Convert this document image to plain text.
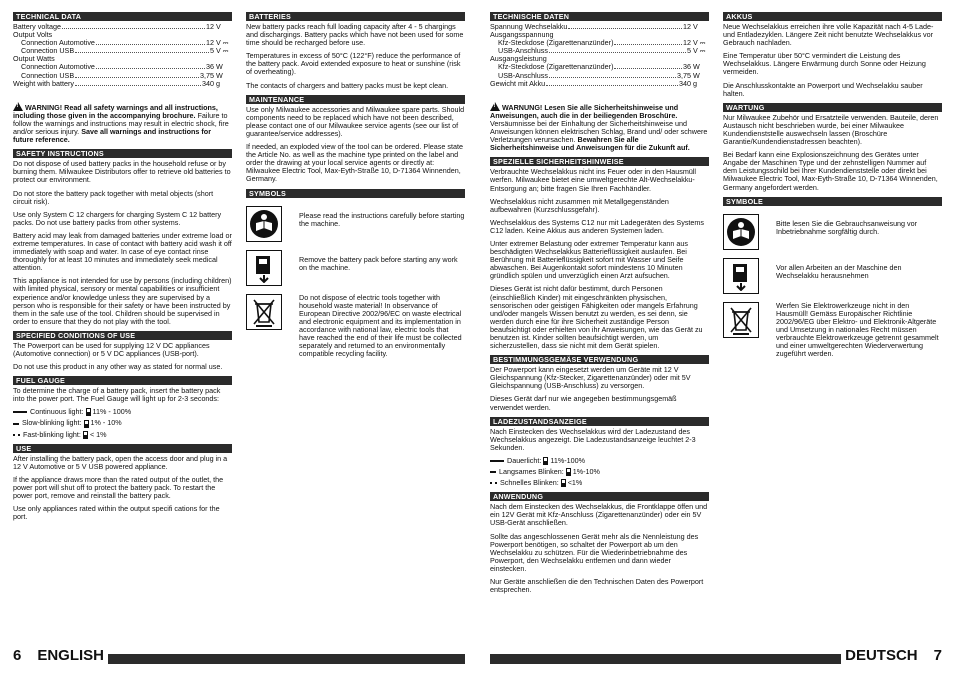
TECHNICAL DATA
Battery voltage	12 V
Output Volts
Connection Automotive	12 V ⎓
Connection USB	5 V ⎓
Output Watts
Connection Automotive	36 W
Connection USB	3,75 W
Weight with battery	340 g

!WARNING! Read all safety warnings and all instructions, including those given in the accompanying brochure. Failure to follow the warnings and instructions may result in electric shock, fire and/or serious injury. Save all warnings and instructions for future reference.

SAFETY INSTRUCTIONS

Do not dispose of used battery packs in the household refuse or by burning them. Milwaukee Distributors offer to retrieve old batteries to protect our environment.

Do not store the battery pack together with metal objects (short circuit risk).

Use only System C 12 chargers for charging System C 12 battery packs. Do not use battery packs from other systems.

Battery acid may leak from damaged batteries under extreme load or extreme temperatures. In case of contact with battery acid wash it off immediately with soap and water. In case of eye contact rinse thoroughly for at least 10 minutes and immediately seek medical attention.

This appliance is not intended for use by persons (including children) with limited physical, sensory or mental capabilities or insufficient experience and/or knowledge unless they are supervised by a person who is responsible for their safety or have been instructed by them in the safe use of the tool. Children should be supervised in order to ensure that they do not play with the tool.

SPECIFIED CONDITIONS OF USE

The Powerport can be used for supplying 12 V DC appliances (Automotive connection) or 5 V DC appliances (USB-port).

Do not use this product in any other way as stated for normal use.

FUEL GAUGE

To determine the charge of a battery pack, insert the battery pack into the power port. The Fuel Gauge will light up for 2-3 seconds:

Continuous light: 11% - 100%
Slow-blinking light: 1% - 10%
Fast-blinking light: < 1%
USE

After installing the battery pack, open the access door and plug in a 12 V Automotive or 5 V USB powered appliance.

If the appliance draws more than the rated output of the outlet, the power port will shut off to protect the battery pack. To restart the power port, remove and reinstall the battery pack.

Use only appliances rated within the output specifi cations for the port.

BATTERIES

New battery packs reach full loading capacity after 4 - 5 chargings and dischargings. Battery packs which have not been used for some time should be recharged before use.

Temperatures in excess of 50°C (122°F) reduce the performance of the battery pack. Avoid extended exposure to heat or sunshine (risk of overheating).

The contacts of chargers and battery packs must be kept clean.

MAINTENANCE

Use only Milwaukee accessories and Milwaukee spare parts. Should components need to be replaced which have not been described, please contact one of our Milwaukee service agents (see our list of guarantee/service addresses).

If needed, an exploded view of the tool can be ordered. Please state the Article No. as well as the machine type printed on the label and order the drawing at your local service agents or directly at: Milwaukee Electric Tool, Max-Eyth-Straße 10, D-71364 Winnenden, Germany.

SYMBOLS
Please read the instructions carefully before starting the machine.
Remove the battery pack before starting any work on the machine.
Do not dispose of electric tools together with household waste material! In observance of European Directive 2002/96/EC on waste electrical and electronic equipment and its implementation in accordance with national law, electric tools that have reached the end of their life must be collected separately and returned to an environmentally compatible recycling facility.
TECHNISCHE DATEN
Spannung Wechselakku	12 V
Ausgangsspannung
Kfz-Steckdose (Zigarettenanzünder)	12 V ⎓
USB-Anschluss	5 V ⎓
Ausgangsleistung
Kfz-Steckdose (Zigarettenanzünder)	36 W
USB-Anschluss	3,75 W
Gewicht mit Akku	340 g

!WARNUNG! Lesen Sie alle Sicherheitshinweise und Anweisungen, auch die in der beiliegenden Broschüre. Versäumnisse bei der Einhaltung der Sicherheitshinweise und Anweisungen können elektrischen Schlag, Brand und/ oder schwere Verletzungen verursachen. Bewahren Sie alle Sicherheitshinweise und Anweisungen für die Zukunft auf.

SPEZIELLE SICHERHEITSHINWEISE

Verbrauchte Wechselakkus nicht ins Feuer oder in den Hausmüll werfen. Milwaukee bietet eine umweltgerechte Alt-Wechselakku-Entsorgung an; bitte fragen Sie Ihren Fachhändler.

Wechselakkus nicht zusammen mit Metallgegenständen aufbewahren (Kurzschlussgefahr).

Wechselakkus des Systems C12 nur mit Ladegeräten des Systems C12 laden. Keine Akkus aus anderen Systemen laden.

Unter extremer Belastung oder extremer Temperatur kann aus beschädigten Wechselakkus Batterieflüssigkeit auslaufen. Bei Berührung mit Batterieflüssigkeit sofort mit Wasser und Seife abwaschen. Bei Augenkontakt sofort mindestens 10 Minuten gründlich spülen und unverzüglich einen Arzt aufsuchen.

Dieses Gerät ist nicht dafür bestimmt, durch Personen (einschließlich Kinder) mit eingeschränkten physischen, sensorischen oder geistigen Fähigkeiten oder mangels Erfahrung und/oder mangels Wissen benutzt zu werden, es sei denn, sie werden durch eine für ihre Sicherheit zuständige Person beaufsichtigt oder erhielten von ihr Anweisungen, wie das Gerät zu benutzen ist. Kinder sollten beaufsichtigt werden, um sicherzustellen, dass sie nicht mit dem Gerät spielen.

BESTIMMUNGSGEMÄSE VERWENDUNG

Der Powerport kann eingesetzt werden um Geräte mit 12 V Gleichspannung (Kfz-Stecker, Zigarettenanzünder) oder mit 5V Gleichspannung (USB-Anschluss) zu versorgen.

Dieses Gerät darf nur wie angegeben bestimmungsgemäß verwendet werden.

LADEZUSTANDSANZEIGE

Nach Einstecken des Wechselakkus wird der Ladezustand des Wechselakkus angezeigt. Die Ladezustandsanzeige leuchtet 2-3 Sekunden.

Dauerlicht: 11%-100%
Langsames Blinken: 1%-10%
Schnelles Blinken: <1%
ANWENDUNG

Nach dem Einstecken des Wechselakkus, die Frontklappe öffen und ein 12V Gerät mit Kfz-Anschluss (Zigarettenanzünder) oder ein 5V USB-Gerät anschließen.

Sollte das angeschlossenen Gerät mehr als die Nennleistung des Powerport benötigen, so schaltet der Powerport ab um den Wechselakku zu schützen. Für die Wiederinbetriebnahme des Powerport, den Wechselakku entfernen und dann wieder einstecken.

Nur Geräte anschließen die den Technischen Daten des Powerport entsprechen.

AKKUS

Neue Wechselakkus erreichen ihre volle Kapazität nach 4-5 Lade-und Entladezyklen. Längere Zeit nicht benutzte Wechselakkus vor Gebrauch nachladen.

Eine Temperatur über 50°C vermindert die Leistung des Wechselakkus. Längere Erwärmung durch Sonne oder Heizung vermeiden.

Die Anschlusskontakte an Powerport und Wechselakku sauber halten.

WARTUNG

Nur Milwaukee Zubehör und Ersatzteile verwenden. Bauteile, deren Austausch nicht beschrieben wurde, bei einer Milwaukee Kundendienststelle auswechseln lassen (Broschüre Garantie/Kundendienstadressen beachten).

Bei Bedarf kann eine Explosionszeichnung des Gerätes unter Angabe der Maschinen Type und der zehnstelligen Nummer auf dem Leistungsschild bei Ihrer Kundendienststelle oder direkt bei Milwaukee Electric Tool, Max-Eyth-Straße 10, D-71364 Winnenden, Germany angefordert werden.

SYMBOLE
Bitte lesen Sie die Gebrauchsanweisung vor Inbetriebnahme sorgfältig durch.
Vor allen Arbeiten an der Maschine den Wechselakku herausnehmen
Werfen Sie Elektrowerkzeuge nicht in den Hausmüll! Gemäss Europäischer Richtlinie 2002/96/EG über Elektro- und Elektronik-Altgeräte und Umsetzung in nationales Recht müssen verbrauchte Elektrowerkzeuge getrennt gesammelt und einer umweltgerechten Wiederverwertung zugeführt werden.
6 ENGLISH	DEUTSCH 7
